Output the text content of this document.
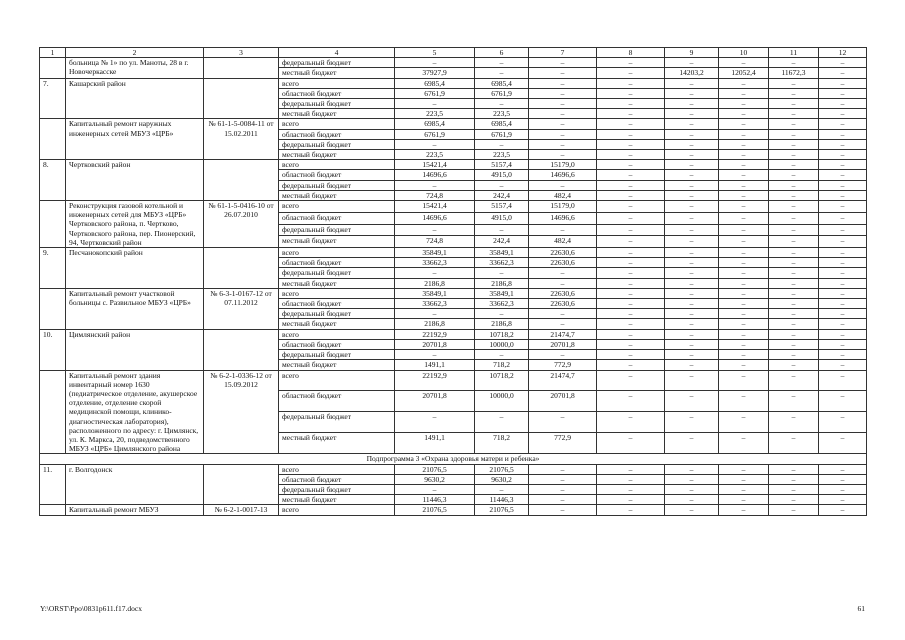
1	2	3	4	5	6	7	8	9	10	11	12
	больница № 1» по ул. Маноты, 28 в г. Новочеркасске		федеральный бюджет	–	–	–	–	–	–	–	–
			местный бюджет	37927,9	–	–	–	14203,2	12052,4	11672,3	–
7.	Кашарский район		всего	6985,4	6985,4	–	–	–	–	–	–
			областной бюджет	6761,9	6761,9	–	–	–	–	–	–
			федеральный бюджет	–	–	–	–	–	–	–	–
			местный бюджет	223,5	223,5	–	–	–	–	–	–
	Капитальный ремонт наружных инженерных сетей МБУЗ «ЦРБ»	№ 61-1-5-0084-11 от 15.02.2011	всего	6985,4	6985,4	–	–	–	–	–	–
			областной бюджет	6761,9	6761,9	–	–	–	–	–	–
			федеральный бюджет	–	–	–	–	–	–	–	–
			местный бюджет	223,5	223,5	–	–	–	–	–	–
8.	Чертковский район		всего	15421,4	5157,4	15179,0	–	–	–	–	–
			областной бюджет	14696,6	4915,0	14696,6	–	–	–	–	–
			федеральный бюджет	–	–	–	–	–	–	–	–
			местный бюджет	724,8	242,4	482,4	–	–	–	–	–
	Реконструкция газовой котельной и инженерных сетей для МБУЗ «ЦРБ» Чертковского района, п. Чертково, Чертковского района, пер. Пионерский, 94, Чертковский район	№ 61-1-5-0416-10 от 26.07.2010	всего	15421,4	5157,4	15179,0	–	–	–	–	–
			областной бюджет	14696,6	4915,0	14696,6	–	–	–	–	–
			федеральный бюджет	–	–	–	–	–	–	–	–
			местный бюджет	724,8	242,4	482,4	–	–	–	–	–
9.	Песчанокопский район		всего	35849,1	35849,1	22630,6	–	–	–	–	–
			областной бюджет	33662,3	33662,3	22630,6	–	–	–	–	–
			федеральный бюджет	–	–	–	–	–	–	–	–
			местный бюджет	2186,8	2186,8	–	–	–	–	–	–
	Капитальный ремонт участковой больницы с. Развильное МБУЗ «ЦРБ»	№ 6-3-1-0167-12 от 07.11.2012	всего	35849,1	35849,1	22630,6	–	–	–	–	–
			областной бюджет	33662,3	33662,3	22630,6	–	–	–	–	–
			федеральный бюджет	–	–	–	–	–	–	–	–
			местный бюджет	2186,8	2186,8	–	–	–	–	–	–
10.	Цимлянский район		всего	22192,9	10718,2	21474,7	–	–	–	–	–
			областной бюджет	20701,8	10000,0	20701,8	–	–	–	–	–
			федеральный бюджет	–	–	–	–	–	–	–	–
			местный бюджет	1491,1	718,2	772,9	–	–	–	–	–
	Капитальный ремонт здания инвентарный номер 1630 (педиатрическое отделение, акушерское отделение, отделение скорой медицинской помощи, клинико-диагностическая лаборатория), расположенного по адресу: г. Цимлянск, ул. К. Маркса, 20, подведомственного МБУЗ «ЦРБ» Цимлянского района	№ 6-2-1-0336-12 от 15.09.2012	всего	22192,9	10718,2	21474,7	–	–	–	–	–
			областной бюджет	20701,8	10000,0	20701,8	–	–	–	–	–
			федеральный бюджет	–	–	–	–	–	–	–	–
			местный бюджет	1491,1	718,2	772,9	–	–	–	–	–
Подпрограмма 3 «Охрана здоровья матери и ребенка»											
11.	г. Волгодонск		всего	21076,5	21076,5	–	–	–	–	–	–
			областной бюджет	9630,2	9630,2	–	–	–	–	–	–
			федеральный бюджет	–	–	–	–	–	–	–	–
			местный бюджет	11446,3	11446,3	–	–	–	–	–	–
	Капитальный ремонт МБУЗ	№ 6-2-1-0017-13	всего	21076,5	21076,5	–	–	–	–	–	–
Y:\ORST\Ppo\0831p611.f17.docx	61
